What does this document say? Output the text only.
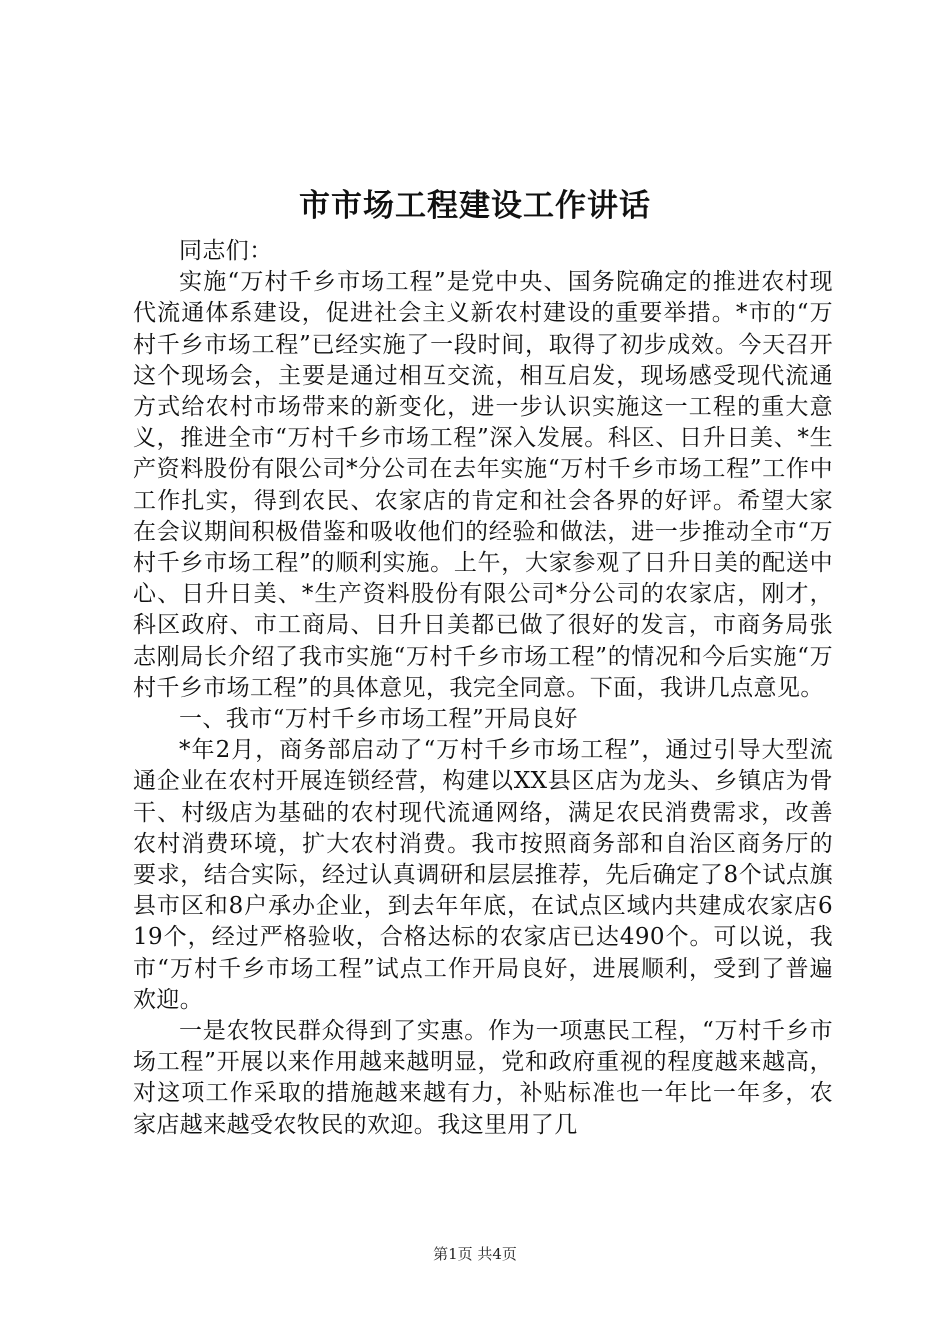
市市场工程建设工作讲话

同志们：

实施“万村千乡市场工程”是党中央、国务院确定的推进农村现代流通体系建设，促进社会主义新农村建设的重要举措。*市的“万村千乡市场工程”已经实施了一段时间，取得了初步成效。今天召开这个现场会，主要是通过相互交流，相互启发，现场感受现代流通方式给农村市场带来的新变化，进一步认识实施这一工程的重大意义，推进全市“万村千乡市场工程”深入发展。科区、日升日美、*生产资料股份有限公司*分公司在去年实施“万村千乡市场工程”工作中工作扎实，得到农民、农家店的肯定和社会各界的好评。希望大家在会议期间积极借鉴和吸收他们的经验和做法，进一步推动全市“万村千乡市场工程”的顺利实施。上午，大家参观了日升日美的配送中心、日升日美、*生产资料股份有限公司*分公司的农家店，刚才，科区政府、市工商局、日升日美都已做了很好的发言，市商务局张志刚局长介绍了我市实施“万村千乡市场工程”的情况和今后实施“万村千乡市场工程”的具体意见，我完全同意。下面，我讲几点意见。

一、我市“万村千乡市场工程”开局良好

*年2月，商务部启动了“万村千乡市场工程”，通过引导大型流通企业在农村开展连锁经营，构建以XX县区店为龙头、乡镇店为骨干、村级店为基础的农村现代流通网络，满足农民消费需求，改善农村消费环境，扩大农村消费。我市按照商务部和自治区商务厅的要求，结合实际，经过认真调研和层层推荐，先后确定了8个试点旗县市区和8户承办企业，到去年年底，在试点区域内共建成农家店619个，经过严格验收，合格达标的农家店已达490个。可以说，我市“万村千乡市场工程”试点工作开局良好，进展顺利，受到了普遍欢迎。

一是农牧民群众得到了实惠。作为一项惠民工程，“万村千乡市场工程”开展以来作用越来越明显，党和政府重视的程度越来越高，对这项工作采取的措施越来越有力，补贴标准也一年比一年多，农家店越来越受农牧民的欢迎。我这里用了几

第1页 共4页
